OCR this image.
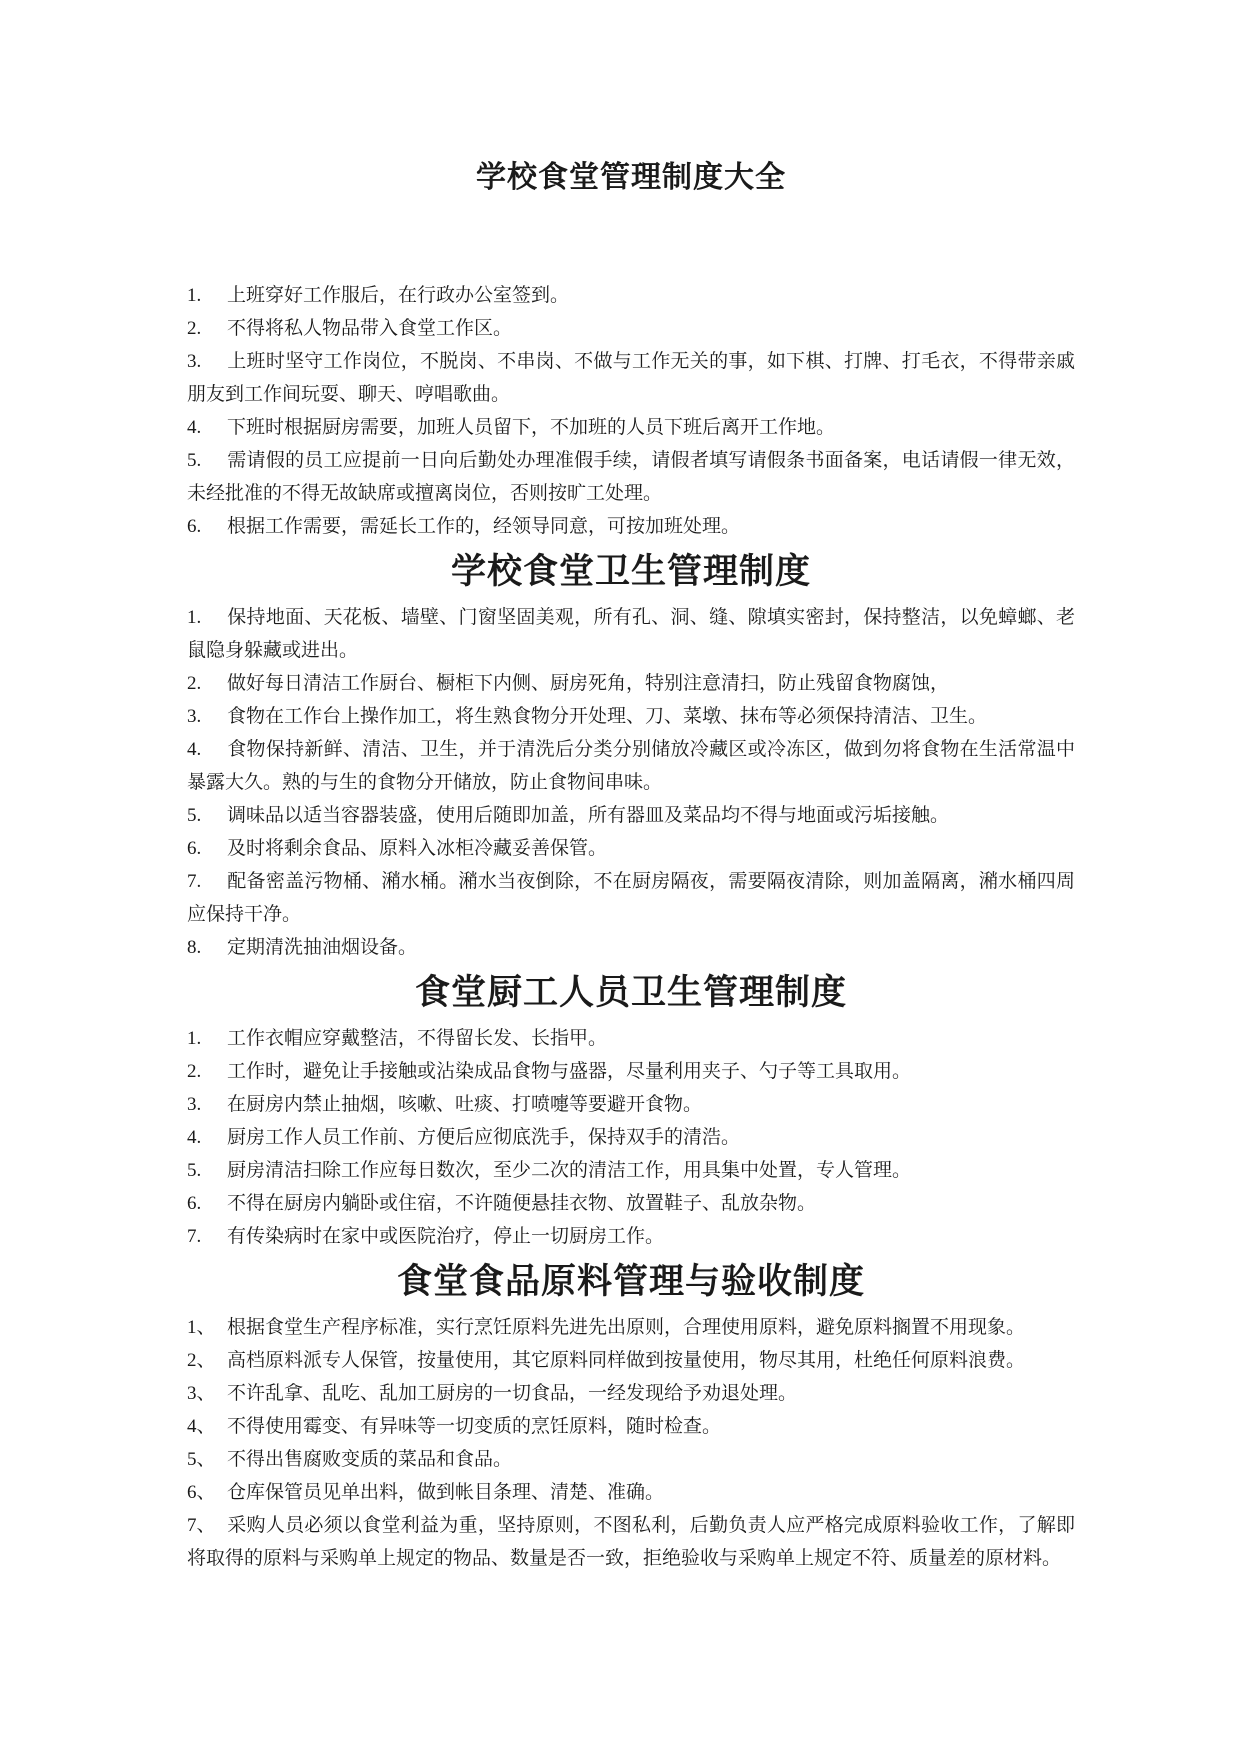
学校食堂管理制度大全

1. 上班穿好工作服后，在行政办公室签到。

2. 不得将私人物品带入食堂工作区。

3. 上班时坚守工作岗位，不脱岗、不串岗、不做与工作无关的事，如下棋、打牌、打毛衣，不得带亲戚朋友到工作间玩耍、聊天、哼唱歌曲。

4. 下班时根据厨房需要，加班人员留下，不加班的人员下班后离开工作地。

5. 需请假的员工应提前一日向后勤处办理准假手续，请假者填写请假条书面备案，电话请假一律无效，未经批准的不得无故缺席或擅离岗位，否则按旷工处理。

6. 根据工作需要，需延长工作的，经领导同意，可按加班处理。

学校食堂卫生管理制度

1. 保持地面、天花板、墙壁、门窗坚固美观，所有孔、洞、缝、隙填实密封，保持整洁，以免蟑螂、老鼠隐身躲藏或进出。

2. 做好每日清洁工作厨台、橱柜下内侧、厨房死角，特别注意清扫，防止残留食物腐蚀，

3. 食物在工作台上操作加工，将生熟食物分开处理、刀、菜墩、抹布等必须保持清洁、卫生。

4. 食物保持新鲜、清洁、卫生，并于清洗后分类分别储放冷藏区或冷冻区，做到勿将食物在生活常温中暴露大久。熟的与生的食物分开储放，防止食物间串味。

5. 调味品以适当容器装盛，使用后随即加盖，所有器皿及菜品均不得与地面或污垢接触。

6. 及时将剩余食品、原料入冰柜冷藏妥善保管。

7. 配备密盖污物桶、潲水桶。潲水当夜倒除，不在厨房隔夜，需要隔夜清除，则加盖隔离，潲水桶四周应保持干净。

8. 定期清洗抽油烟设备。

食堂厨工人员卫生管理制度

1. 工作衣帽应穿戴整洁，不得留长发、长指甲。

2. 工作时，避免让手接触或沾染成品食物与盛器，尽量利用夹子、勺子等工具取用。

3. 在厨房内禁止抽烟，咳嗽、吐痰、打喷嚏等要避开食物。

4. 厨房工作人员工作前、方便后应彻底洗手，保持双手的清浩。

5. 厨房清洁扫除工作应每日数次，至少二次的清洁工作，用具集中处置，专人管理。

6. 不得在厨房内躺卧或住宿，不许随便悬挂衣物、放置鞋子、乱放杂物。

7. 有传染病时在家中或医院治疗，停止一切厨房工作。

食堂食品原料管理与验收制度

1、 根据食堂生产程序标准，实行烹饪原料先进先出原则，合理使用原料，避免原料搁置不用现象。

2、 高档原料派专人保管，按量使用，其它原料同样做到按量使用，物尽其用，杜绝任何原料浪费。

3、 不许乱拿、乱吃、乱加工厨房的一切食品，一经发现给予劝退处理。

4、 不得使用霉变、有异味等一切变质的烹饪原料，随时检查。

5、 不得出售腐败变质的菜品和食品。

6、 仓库保管员见单出料，做到帐目条理、清楚、准确。

7、 采购人员必须以食堂利益为重，坚持原则，不图私利，后勤负责人应严格完成原料验收工作，了解即将取得的原料与采购单上规定的物品、数量是否一致，拒绝验收与采购单上规定不符、质量差的原材料。
